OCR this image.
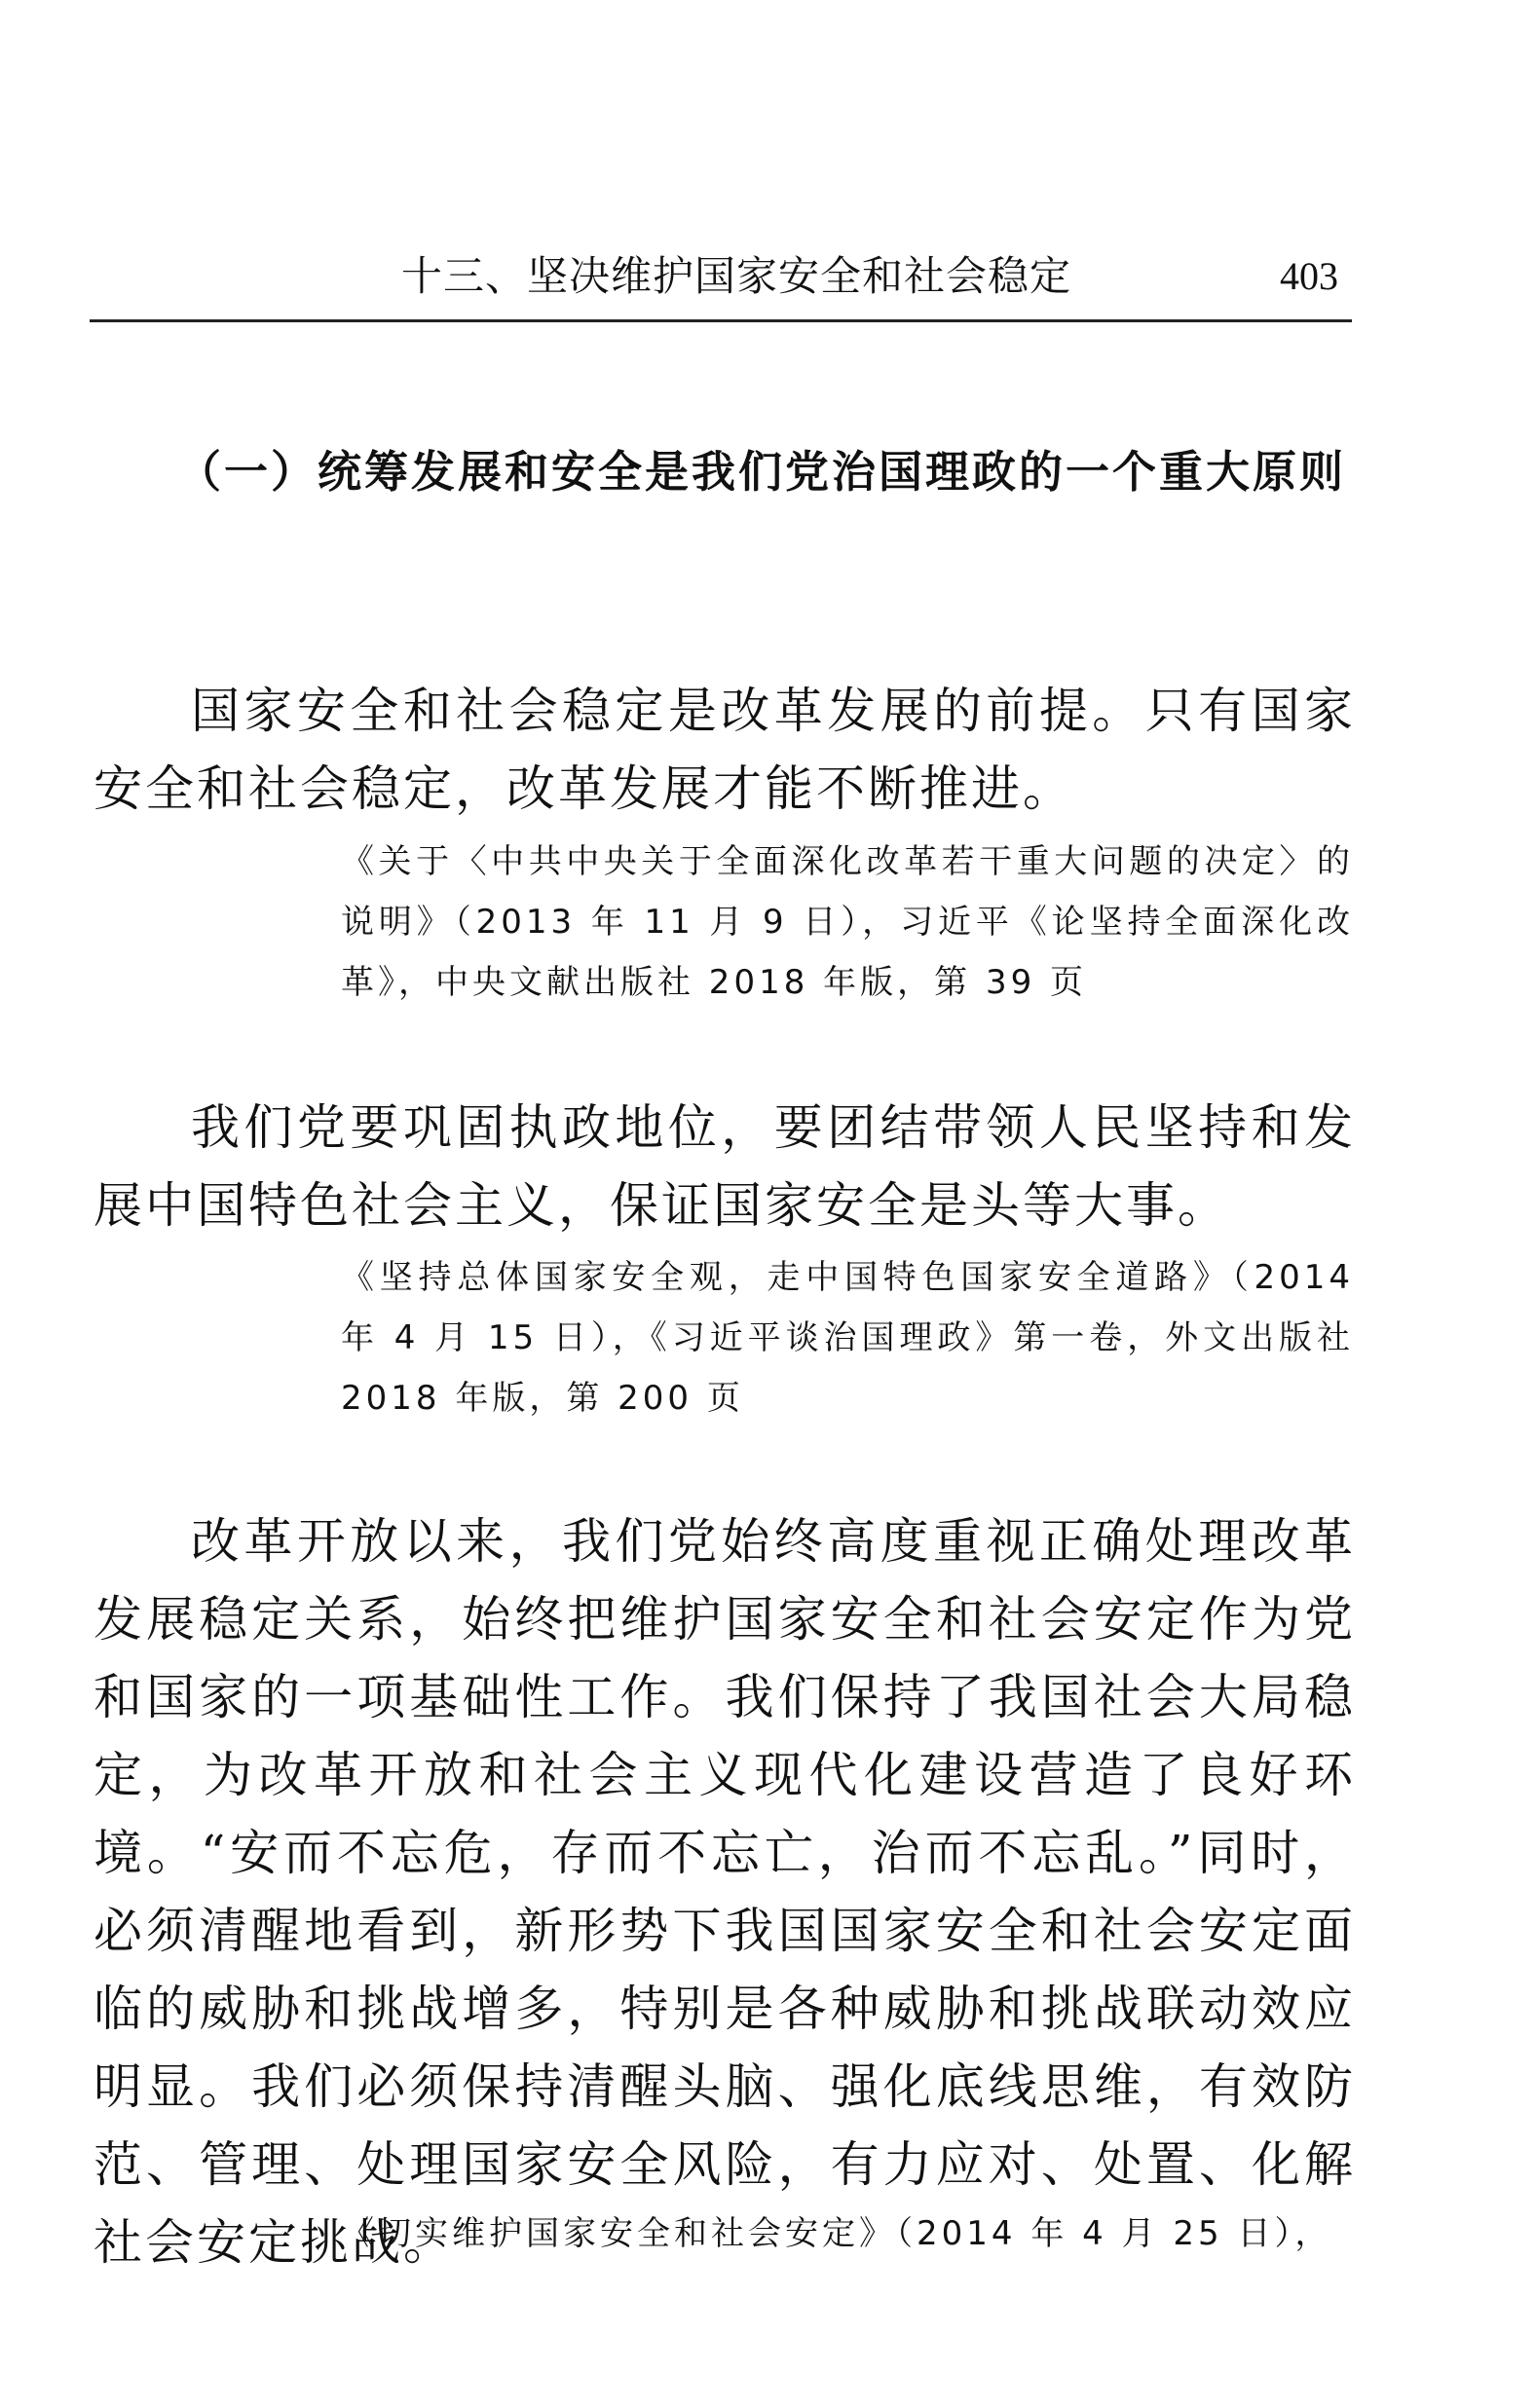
十三、坚决维护国家安全和社会稳定	403
（一）统筹发展和安全是我们党治国理政的一个重大原则

国家安全和社会稳定是改革发展的前提。只有国家安全和社会稳定，改革发展才能不断推进。

《关于〈中共中央关于全面深化改革若干重大问题的决定〉的说明》（2013 年 11 月 9 日），习近平《论坚持全面深化改革》，中央文献出版社 2018 年版，第 39 页

我们党要巩固执政地位，要团结带领人民坚持和发展中国特色社会主义，保证国家安全是头等大事。

《坚持总体国家安全观，走中国特色国家安全道路》（2014 年 4 月 15 日），《习近平谈治国理政》第一卷，外文出版社 2018 年版，第 200 页

改革开放以来，我们党始终高度重视正确处理改革发展稳定关系，始终把维护国家安全和社会安定作为党和国家的一项基础性工作。我们保持了我国社会大局稳定，为改革开放和社会主义现代化建设营造了良好环境。“安而不忘危，存而不忘亡，治而不忘乱。”同时，必须清醒地看到，新形势下我国国家安全和社会安定面临的威胁和挑战增多，特别是各种威胁和挑战联动效应明显。我们必须保持清醒头脑、强化底线思维，有效防范、管理、处理国家安全风险，有力应对、处置、化解社会安定挑战。

《切实维护国家安全和社会安定》（2014 年 4 月 25 日），
